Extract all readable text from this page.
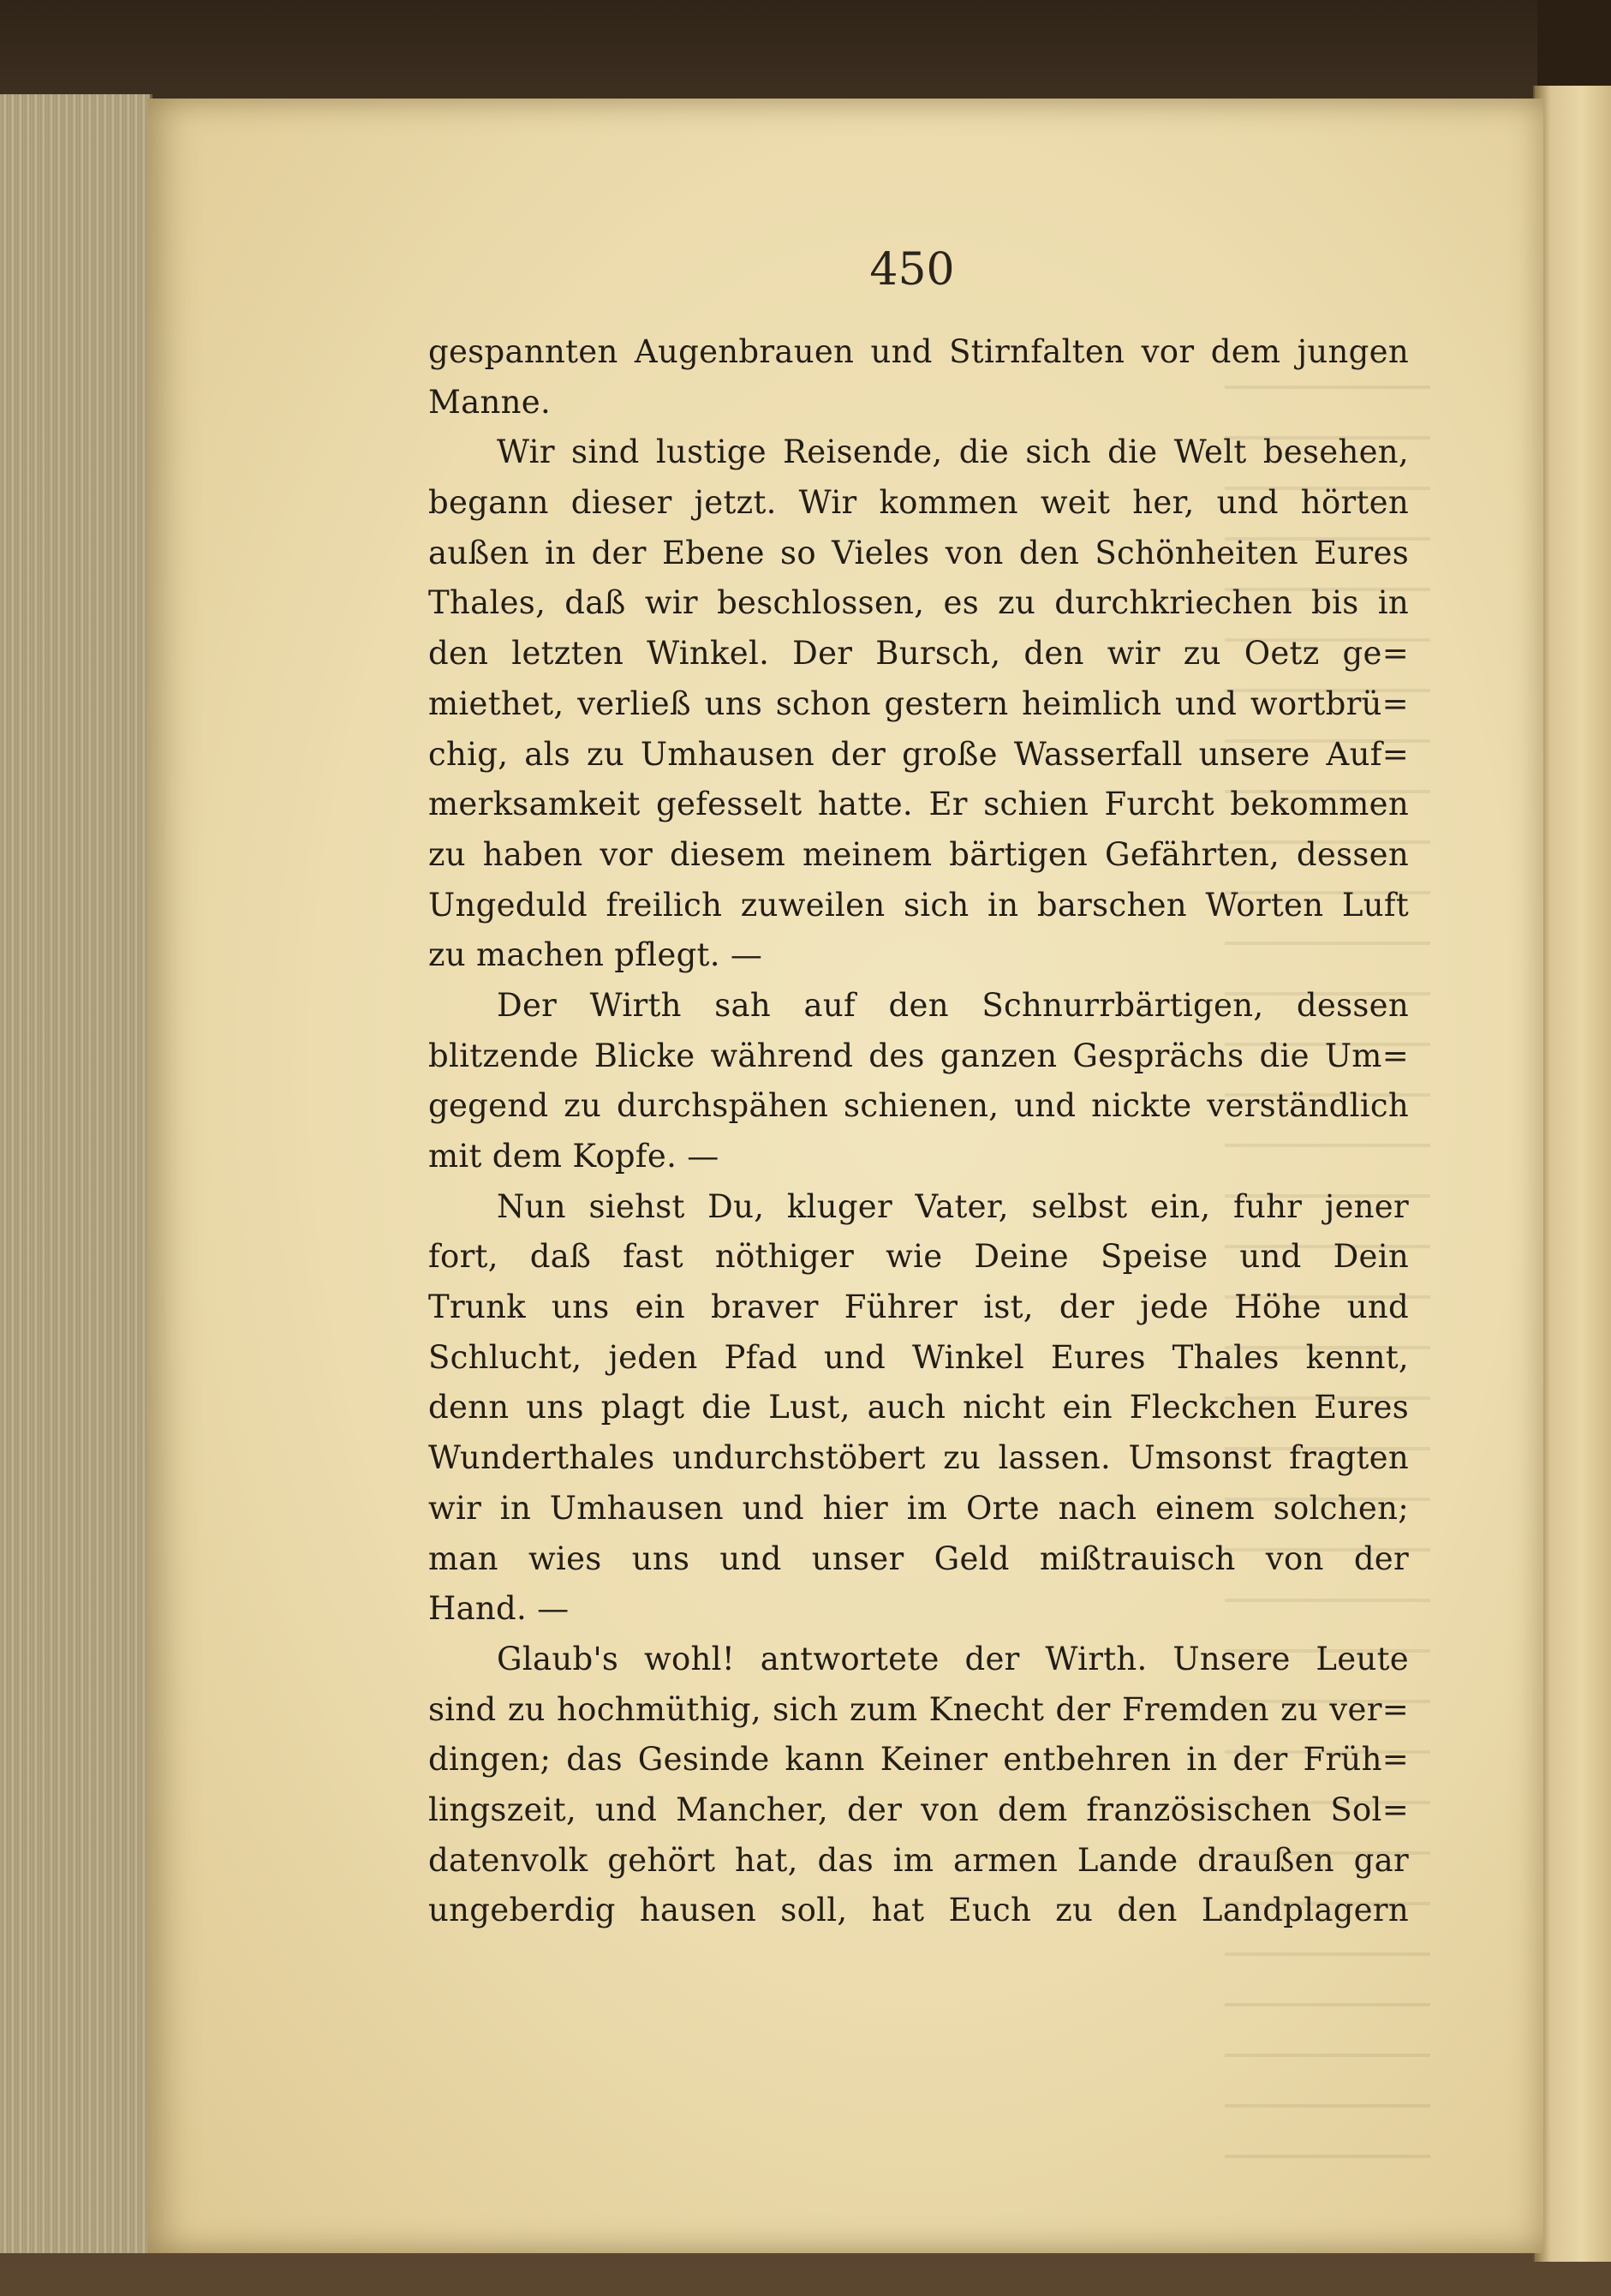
450
gespannten Augenbrauen und Stirnfalten vor dem jungen
Manne.
Wir sind lustige Reisende, die sich die Welt besehen,
begann dieser jetzt. Wir kommen weit her, und hörten
außen in der Ebene so Vieles von den Schönheiten Eures
Thales, daß wir beschlossen, es zu durchkriechen bis in
den letzten Winkel. Der Bursch, den wir zu Oetz ge=
miethet, verließ uns schon gestern heimlich und wortbrü=
chig, als zu Umhausen der große Wasserfall unsere Auf=
merksamkeit gefesselt hatte. Er schien Furcht bekommen
zu haben vor diesem meinem bärtigen Gefährten, dessen
Ungeduld freilich zuweilen sich in barschen Worten Luft
zu machen pflegt. —
Der Wirth sah auf den Schnurrbärtigen, dessen
blitzende Blicke während des ganzen Gesprächs die Um=
gegend zu durchspähen schienen, und nickte verständlich
mit dem Kopfe. —
Nun siehst Du, kluger Vater, selbst ein, fuhr jener
fort, daß fast nöthiger wie Deine Speise und Dein
Trunk uns ein braver Führer ist, der jede Höhe und
Schlucht, jeden Pfad und Winkel Eures Thales kennt,
denn uns plagt die Lust, auch nicht ein Fleckchen Eures
Wunderthales undurchstöbert zu lassen. Umsonst fragten
wir in Umhausen und hier im Orte nach einem solchen;
man wies uns und unser Geld mißtrauisch von der
Hand. —
Glaub's wohl! antwortete der Wirth. Unsere Leute
sind zu hochmüthig, sich zum Knecht der Fremden zu ver=
dingen; das Gesinde kann Keiner entbehren in der Früh=
lingszeit, und Mancher, der von dem französischen Sol=
datenvolk gehört hat, das im armen Lande draußen gar
ungeberdig hausen soll, hat Euch zu den Landplagern
